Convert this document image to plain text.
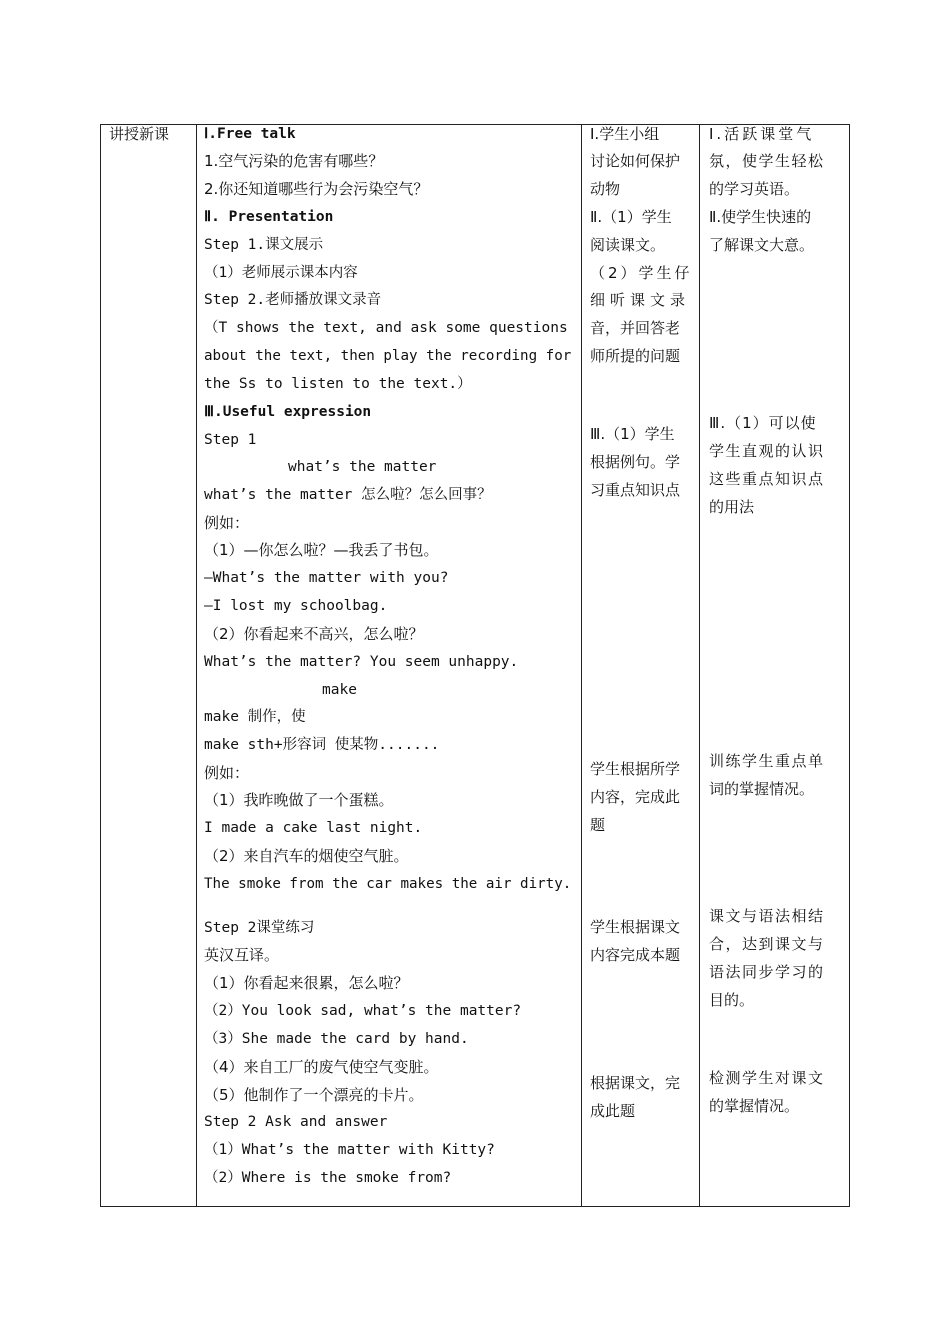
讲授新课 Ⅰ.Free talk
1.空气污染的危害有哪些？
2.你还知道哪些行为会污染空气？
Ⅱ. Presentation
Step 1.课文展示
（1）老师展示课本内容
Step 2.老师播放课文录音
（T shows the text, and ask some questions
about the text, then play the recording for
the Ss to listen to the text.）
Ⅲ.Useful expression
Step 1
what’s the matter
what’s the matter 怎么啦？怎么回事？
例如：
（1）—你怎么啦？—我丢了书包。
—What’s the matter with you?
—I lost my schoolbag.
（2）你看起来不高兴，怎么啦？
What’s the matter? You seem unhappy.
make
make 制作，使
make sth+形容词 使某物.......
例如：
（1）我昨晚做了一个蛋糕。
I made a cake last night.
（2）来自汽车的烟使空气脏。
The smoke from the car makes the air dirty.
Step 2课堂练习
英汉互译。
（1）你看起来很累，怎么啦？
（2）You look sad, what’s the matter?
（3）She made the card by hand.
（4）来自工厂的废气使空气变脏。
（5）他制作了一个漂亮的卡片。
Step 2 Ask and answer
（1）What’s the matter with Kitty?
（2）Where is the smoke from?
Ⅰ.学生小组
讨论如何保护
动物
Ⅱ.（1）学生
阅读课文。
（2）学生仔
细听课文录
音，并回答老
师所提的问题
Ⅲ.（1）学生
根据例句。学
习重点知识点
学生根据所学
内容，完成此
题
学生根据课文
内容完成本题
根据课文，完
成此题
Ⅰ.活跃课堂气
氛，使学生轻松
的学习英语。
Ⅱ.使学生快速的
了解课文大意。
Ⅲ.（1）可以使
学生直观的认识
这些重点知识点
的用法
训练学生重点单
词的掌握情况。
课文与语法相结
合，达到课文与
语法同步学习的
目的。
检测学生对课文
的掌握情况。
